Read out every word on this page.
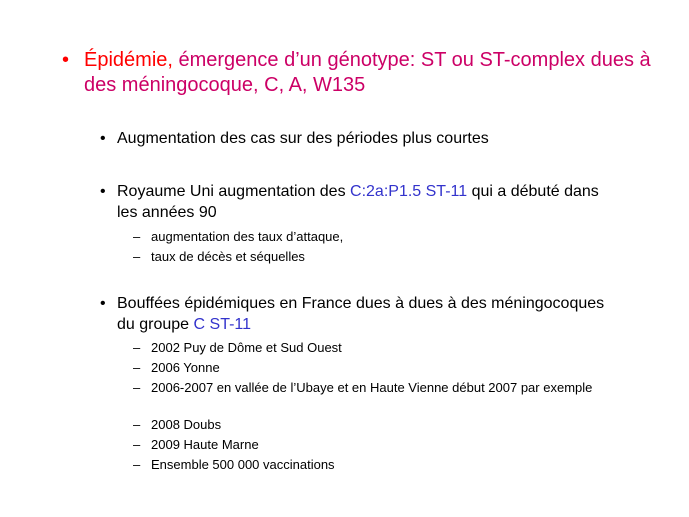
• Épidémie, émergence d’un génotype: ST ou ST-complex dues à des méningocoque, C, A, W135
• Augmentation des cas sur des périodes plus courtes
• Royaume Uni augmentation des C:2a:P1.5 ST-11 qui a débuté dans les années 90
– augmentation des taux d’attaque,
– taux de décès et séquelles
• Bouffées épidémiques en France dues à dues à des méningocoques du groupe C ST-11
– 2002 Puy de Dôme et Sud Ouest
– 2006 Yonne
– 2006-2007 en vallée de l’Ubaye et en Haute Vienne début 2007 par exemple
– 2008 Doubs
– 2009 Haute Marne
– Ensemble 500 000 vaccinations
